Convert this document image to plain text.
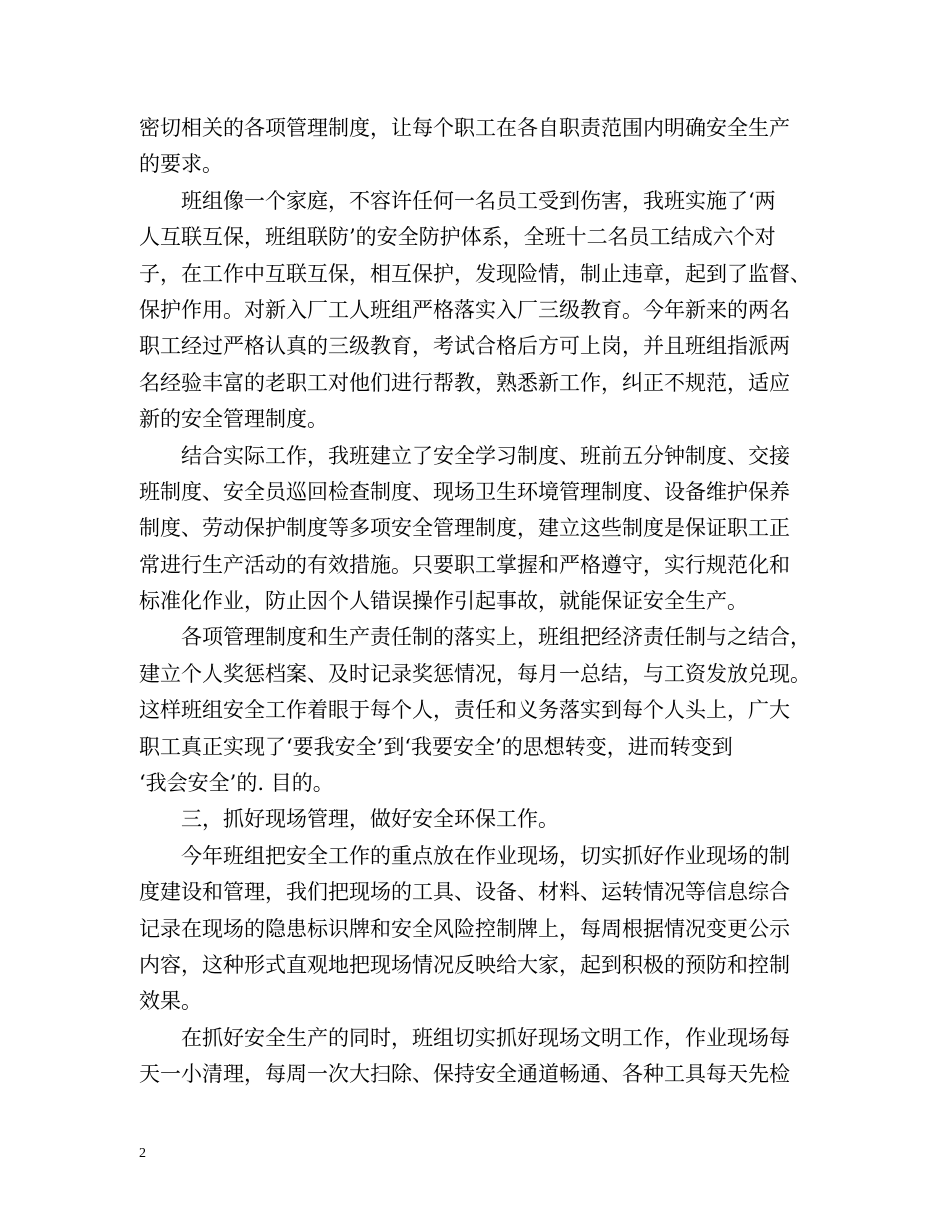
密切相关的各项管理制度，让每个职工在各自职责范围内明确安全生产
的要求。
班组像一个家庭，不容许任何一名员工受到伤害，我班实施了‘两
人互联互保，班组联防’的安全防护体系，全班十二名员工结成六个对
子，在工作中互联互保，相互保护，发现险情，制止违章，起到了监督、
保护作用。对新入厂工人班组严格落实入厂三级教育。今年新来的两名
职工经过严格认真的三级教育，考试合格后方可上岗，并且班组指派两
名经验丰富的老职工对他们进行帮教，熟悉新工作，纠正不规范，适应
新的安全管理制度。
结合实际工作，我班建立了安全学习制度、班前五分钟制度、交接
班制度、安全员巡回检查制度、现场卫生环境管理制度、设备维护保养
制度、劳动保护制度等多项安全管理制度，建立这些制度是保证职工正
常进行生产活动的有效措施。只要职工掌握和严格遵守，实行规范化和
标准化作业，防止因个人错误操作引起事故，就能保证安全生产。
各项管理制度和生产责任制的落实上，班组把经济责任制与之结合，
建立个人奖惩档案、及时记录奖惩情况，每月一总结，与工资发放兑现。
这样班组安全工作着眼于每个人，责任和义务落实到每个人头上，广大
职工真正实现了‘要我安全’到‘我要安全’的思想转变，进而转变到
‘我会安全’的. 目的。
三，抓好现场管理，做好安全环保工作。
今年班组把安全工作的重点放在作业现场，切实抓好作业现场的制
度建设和管理，我们把现场的工具、设备、材料、运转情况等信息综合
记录在现场的隐患标识牌和安全风险控制牌上，每周根据情况变更公示
内容，这种形式直观地把现场情况反映给大家，起到积极的预防和控制
效果。
在抓好安全生产的同时，班组切实抓好现场文明工作，作业现场每
天一小清理，每周一次大扫除、保持安全通道畅通、各种工具每天先检
2
